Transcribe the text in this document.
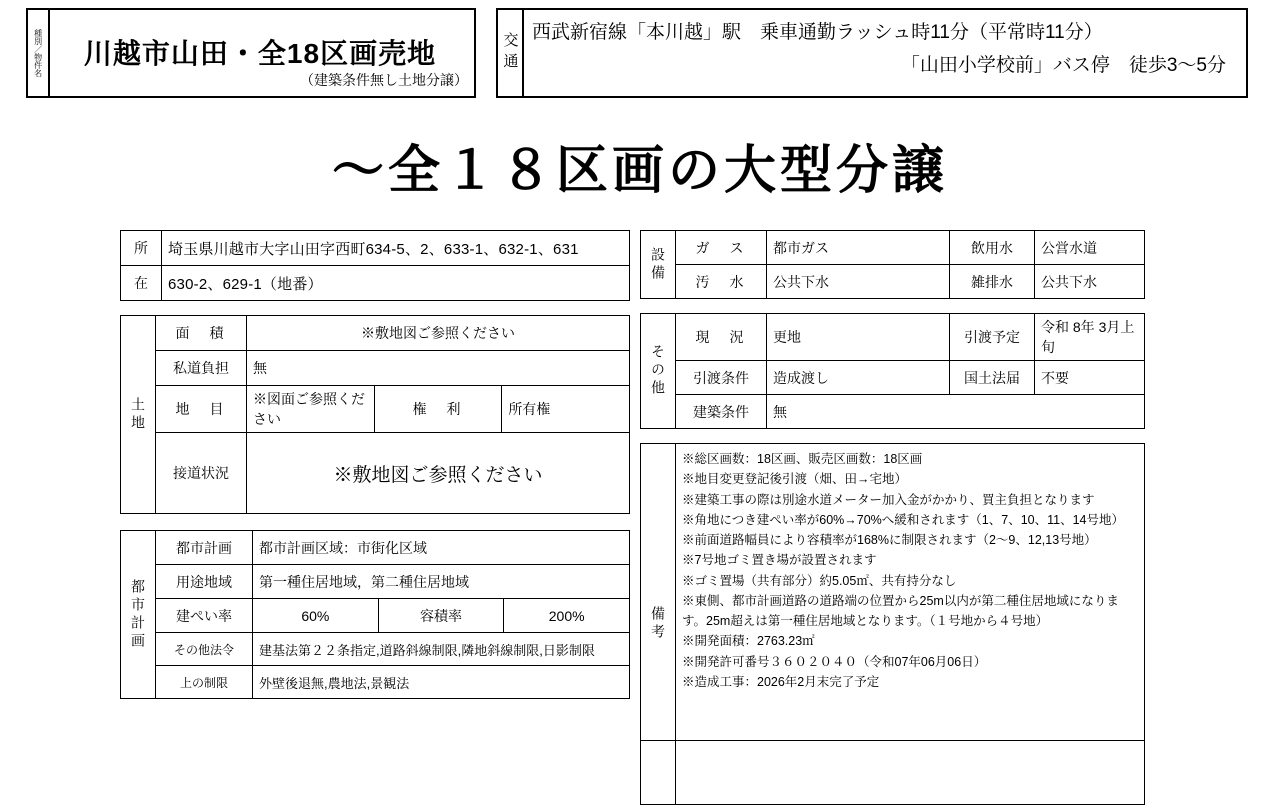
種別／物件名	川越市山田・全18区画売地
（建築条件無し土地分譲）
交通 西武新宿線「本川越」駅　乗車通勤ラッシュ時11分（平常時11分）
「山田小学校前」バス停　徒歩3〜5分
〜全１８区画の大型分譲
所	埼玉県川越市大字山田字西町634-5、2、633-1、632-1、631
在	630-2、629-1（地番）
土地	面　積	※敷地図ご参照ください		
	私道負担	無		
	地　目	※図面ご参照ください	権　利	所有権
	接道状況	※敷地図ご参照ください		
都市計画	都市計画	都市計画区域：市街化区域		
	用途地域	第一種住居地域，第二種住居地域		
	建ぺい率	60%	容積率	200%
	その他法令	建基法第２２条指定,道路斜線制限,隣地斜線制限,日影制限		
	上の制限	外壁後退無,農地法,景観法		
設備	ガ　ス	都市ガス	飲用水	公営水道
	汚　水	公共下水	雑排水	公共下水
その他	現　況	更地	引渡予定	令和 8年 3月上旬
	引渡条件	造成渡し	国土法届	不要
	建築条件	無		
備考	

※総区画数：18区画、販売区画数：18区画

※地目変更登記後引渡（畑、田→宅地）

※建築工事の際は別途水道メーター加入金がかかり、買主負担となります

※角地につき建ぺい率が60%→70%へ緩和されます（1、7、10、11、14号地）

※前面道路幅員により容積率が168%に制限されます（2〜9、12,13号地）

※7号地ゴミ置き場が設置されます

※ゴミ置場（共有部分）約5.05㎡、共有持分なし

※東側、都市計画道路の道路端の位置から25m以内が第二種住居地域になります。25m超えは第一種住居地域となります。（１号地から４号地）

※開発面積：2763.23㎡

※開発許可番号３６０２０４０（令和07年06月06日）

※造成工事：2026年2月末完了予定
